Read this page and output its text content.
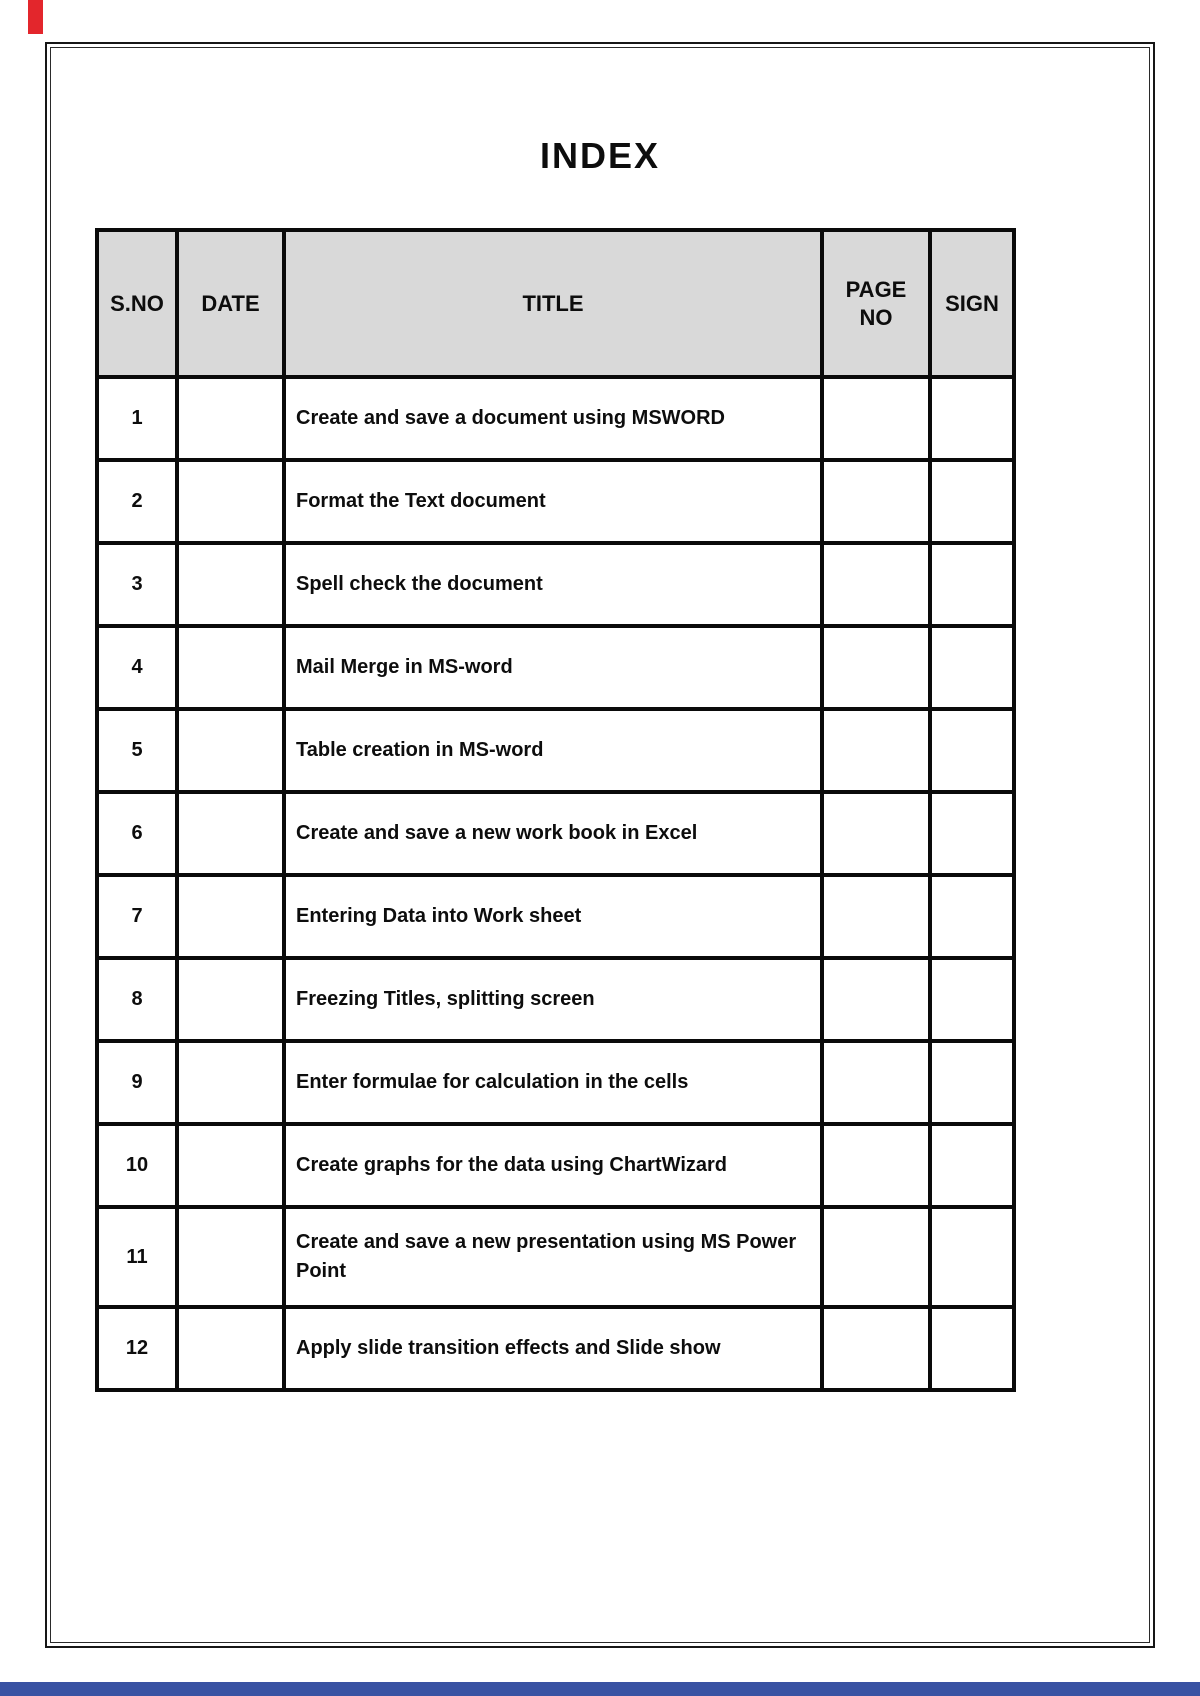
INDEX
S.NO	DATE	TITLE	PAGE NO	SIGN
1		Create and save a document using MSWORD		
2		Format the Text document		
3		Spell check the document		
4		Mail Merge in MS-word		
5		Table creation in MS-word		
6		Create and save a new work book in Excel		
7		Entering Data into Work sheet		
8		Freezing Titles, splitting screen		
9		Enter formulae for calculation in the cells		
10		Create graphs for the data using ChartWizard		
11		Create and save a new presentation using MS Power Point		
12		Apply slide transition effects and Slide show		
